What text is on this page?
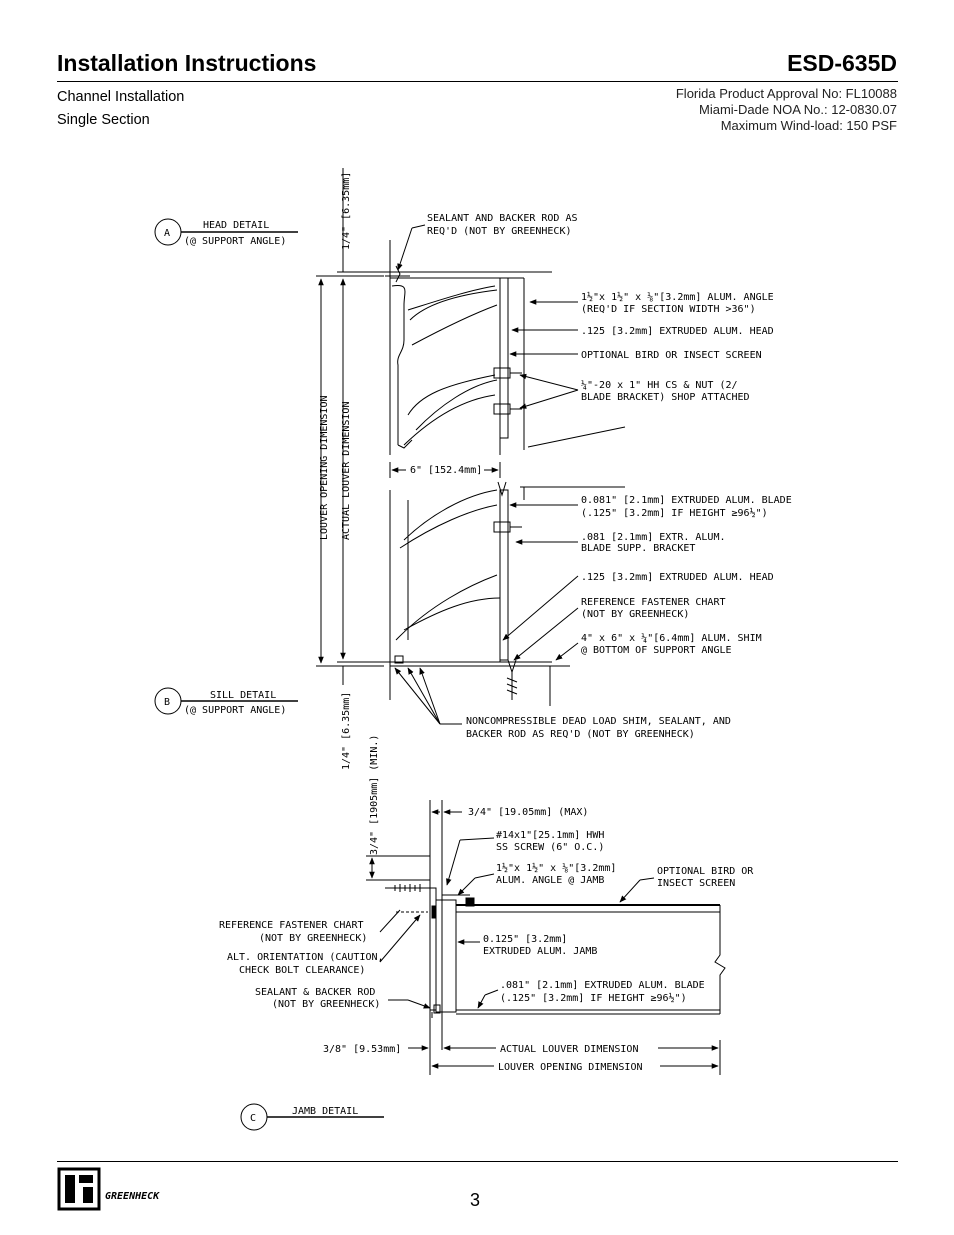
Installation Instructions	ESD-635D
Channel Installation
Single Section
Florida Product Approval No: FL10088
Miami-Dade NOA No.: 12-0830.07
Maximum Wind-load: 150 PSF
A
HEAD DETAIL
(@ SUPPORT ANGLE)
B
SILL DETAIL
(@ SUPPORT ANGLE)
C
JAMB DETAIL
1/4" [6.35mm]
LOUVER OPENING DIMENSION ACTUAL LOUVER DIMENSION
1/4" [6.35mm]
6" [152.4mm]
SEALANT AND BACKER ROD AS
REQ'D (NOT BY GREENHECK)
1½"x 1½" x ⅛"[3.2mm] ALUM. ANGLE
(REQ'D IF SECTION WIDTH >36")
.125 [3.2mm] EXTRUDED ALUM. HEAD
OPTIONAL BIRD OR INSECT SCREEN
¼"-20 x 1" HH CS & NUT (2/
BLADE BRACKET) SHOP ATTACHED
0.081" [2.1mm] EXTRUDED ALUM. BLADE
(.125" [3.2mm] IF HEIGHT ≥96½")
.081 [2.1mm] EXTR. ALUM.
BLADE SUPP. BRACKET
.125 [3.2mm] EXTRUDED ALUM. HEAD
REFERENCE FASTENER CHART
(NOT BY GREENHECK)
4" x 6" x ¼"[6.4mm] ALUM. SHIM
@ BOTTOM OF SUPPORT ANGLE
NONCOMPRESSIBLE DEAD LOAD SHIM, SEALANT, AND
BACKER ROD AS REQ'D (NOT BY GREENHECK)
3/4" [19.05mm] (MAX)
3/4" [1905mm] (MIN.)
3/8" [9.53mm]	ACTUAL LOUVER DIMENSION
LOUVER OPENING DIMENSION
#14x1"[25.1mm] HWH
SS SCREW (6" O.C.)
1½"x 1½" x ⅛"[3.2mm]
ALUM. ANGLE @ JAMB
OPTIONAL BIRD OR
INSECT SCREEN
REFERENCE FASTENER CHART
(NOT BY GREENHECK)
ALT. ORIENTATION (CAUTION,
CHECK BOLT CLEARANCE)
0.125" [3.2mm]
EXTRUDED ALUM. JAMB
SEALANT & BACKER ROD
(NOT BY GREENHECK)
.081" [2.1mm] EXTRUDED ALUM. BLADE
(.125" [3.2mm] IF HEIGHT ≥96½")
GREENHECK	3
